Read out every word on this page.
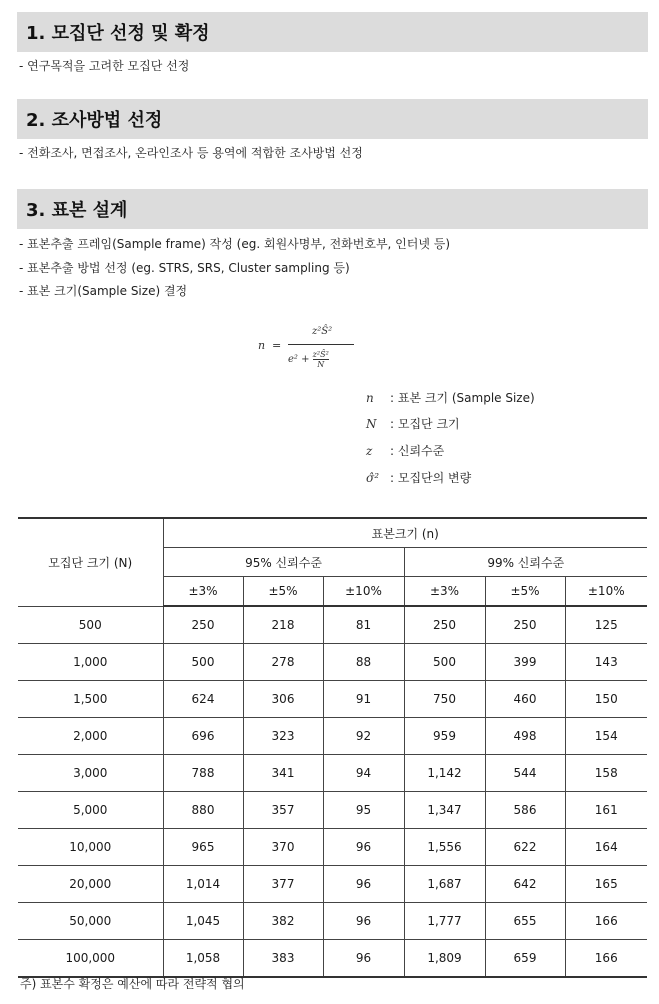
1. 모집단 선정 및 확정
- 연구목적을 고려한 모집단 선정
2. 조사방법 선정
- 전화조사, 면접조사, 온라인조사 등 용역에 적합한 조사방법 선정
3. 표본 설계
- 표본추출 프레임(Sample frame) 작성 (eg. 회원사명부, 전화번호부, 인터넷 등)
- 표본추출 방법 선정 (eg. STRS, SRS, Cluster sampling 등)
- 표본 크기(Sample Size) 결정
n =
z²Ŝ²
$e^2 + \frac{\text{z²Ŝ²}}{N}$
n : 표본 크기 (Sample Size)
N : 모집단 크기
z : 신뢰수준
σ̂² : 모집단의 변량
모집단 크기 (N)	표본크기 (n)					
	95% 신뢰수준			99% 신뢰수준		
	±3%	±5%	±10%	±3%	±5%	±10%
500	250	218	81	250	250	125
1,000	500	278	88	500	399	143
1,500	624	306	91	750	460	150
2,000	696	323	92	959	498	154
3,000	788	341	94	1,142	544	158
5,000	880	357	95	1,347	586	161
10,000	965	370	96	1,556	622	164
20,000	1,014	377	96	1,687	642	165
50,000	1,045	382	96	1,777	655	166
100,000	1,058	383	96	1,809	659	166
주) 표본수 확정은 예산에 따라 전략적 협의
